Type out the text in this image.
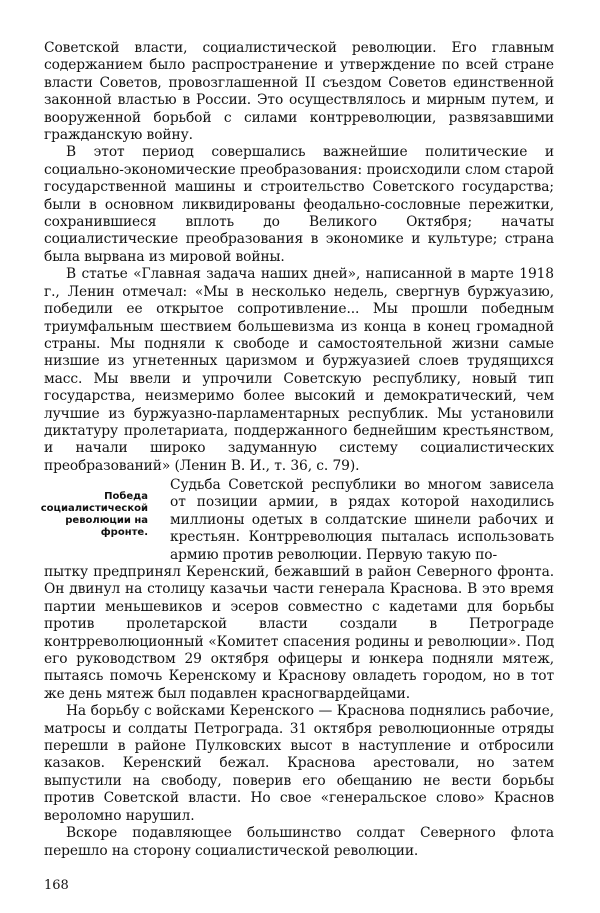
Советской власти, социалистической революции. Его главным содержанием было распространение и утверждение по всей стране власти Советов, провозглашенной II съездом Советов единственной законной властью в России. Это осуществлялось и мирным путем, и вооруженной борьбой с силами контрреволюции, развязавшими гражданскую войну.

В этот период совершались важнейшие политические и социально-экономические преобразования: происходили слом старой государственной машины и строительство Советского государства; были в основном ликвидированы феодально-сословные пережитки, сохранившиеся вплоть до Великого Октября; начаты социалистические преобразования в экономике и культуре; страна была вырвана из мировой войны.

В статье «Главная задача наших дней», написанной в марте 1918 г., Ленин отмечал: «Мы в несколько недель, свергнув буржуазию, победили ее открытое сопротивление... Мы прошли победным триумфальным шествием большевизма из конца в конец громадной страны. Мы подняли к свободе и самостоятельной жизни самые низшие из угнетенных царизмом и буржуазией слоев трудящихся масс. Мы ввели и упрочили Советскую республику, новый тип государства, неизмеримо более высокий и демократический, чем лучшие из буржуазно-парламентарных республик. Мы установили диктатуру пролетариата, поддержанного беднейшим крестьянством, и начали широко задуманную систему социалистических преобразований» (Ленин В. И., т. 36, с. 79).

Победа социалистической революции на фронте.

Судьба Советской республики во многом зависела от позиции армии, в рядах которой находились миллионы одетых в солдатские шинели рабочих и крестьян. Контрреволюция пыталась использовать армию против революции. Первую такую по-

пытку предпринял Керенский, бежавший в район Северного фронта. Он двинул на столицу казачьи части генерала Краснова. В это время партии меньшевиков и эсеров совместно с кадетами для борьбы против пролетарской власти создали в Петрограде контрреволюционный «Комитет спасения родины и революции». Под его руководством 29 октября офицеры и юнкера подняли мятеж, пытаясь помочь Керенскому и Краснову овладеть городом, но в тот же день мятеж был подавлен красногвардейцами.

На борьбу с войсками Керенского — Краснова поднялись рабочие, матросы и солдаты Петрограда. 31 октября революционные отряды перешли в районе Пулковских высот в наступление и отбросили казаков. Керенский бежал. Краснова арестовали, но затем выпустили на свободу, поверив его обещанию не вести борьбы против Советской власти. Но свое «генеральское слово» Краснов вероломно нарушил.

Вскоре подавляющее большинство солдат Северного флота перешло на сторону социалистической революции.

168
